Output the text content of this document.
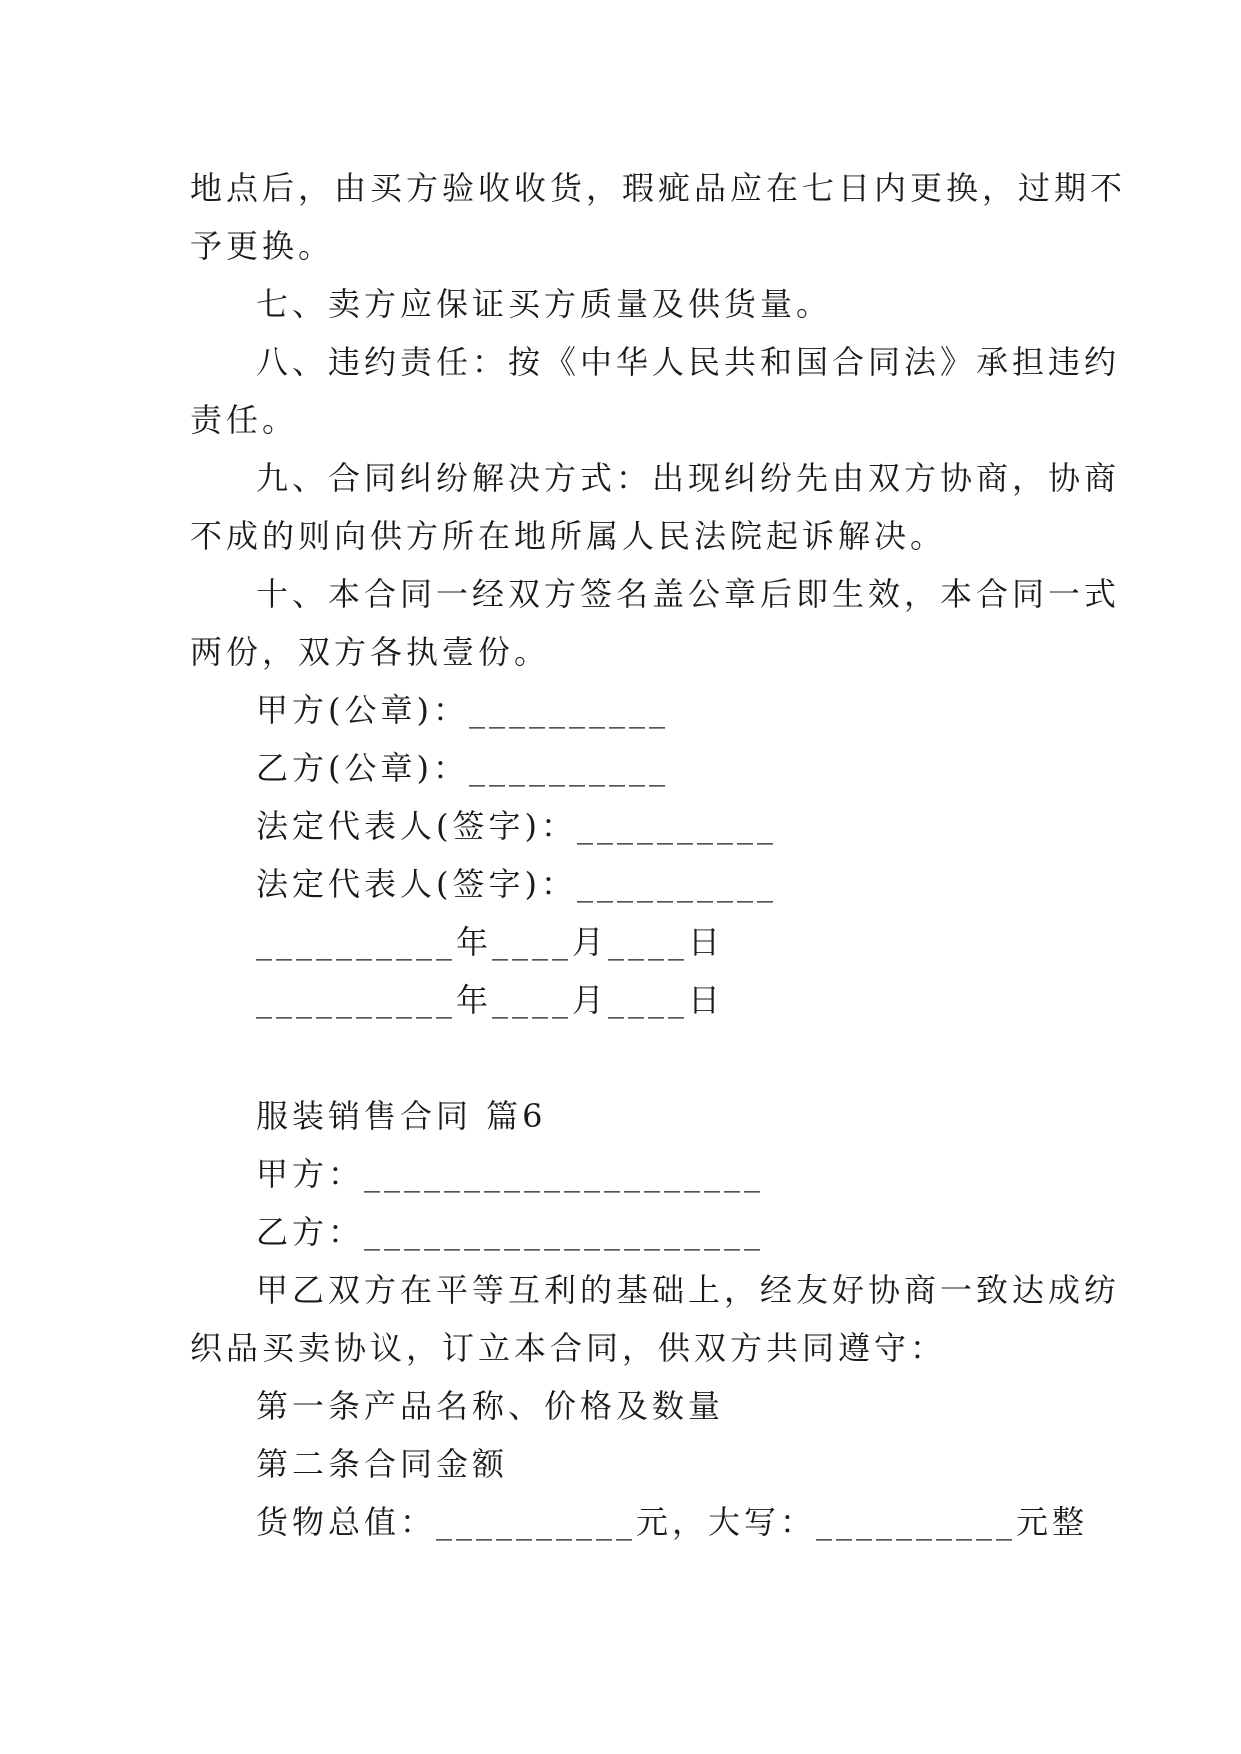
地点后，由买方验收收货，瑕疵品应在七日内更换，过期不
予更换。
七、卖方应保证买方质量及供货量。
八、违约责任：按《中华人民共和国合同法》承担违约
责任。
九、合同纠纷解决方式：出现纠纷先由双方协商，协商
不成的则向供方所在地所属人民法院起诉解决。
十、本合同一经双方签名盖公章后即生效，本合同一式
两份，双方各执壹份。
甲方(公章)：__________
乙方(公章)：__________
法定代表人(签字)：__________
法定代表人(签字)：__________
__________年____月____日
__________年____月____日
服装销售合同 篇6
甲方：____________________
乙方：____________________
甲乙双方在平等互利的基础上，经友好协商一致达成纺
织品买卖协议，订立本合同，供双方共同遵守：
第一条产品名称、价格及数量
第二条合同金额
货物总值：__________元，大写：__________元整
